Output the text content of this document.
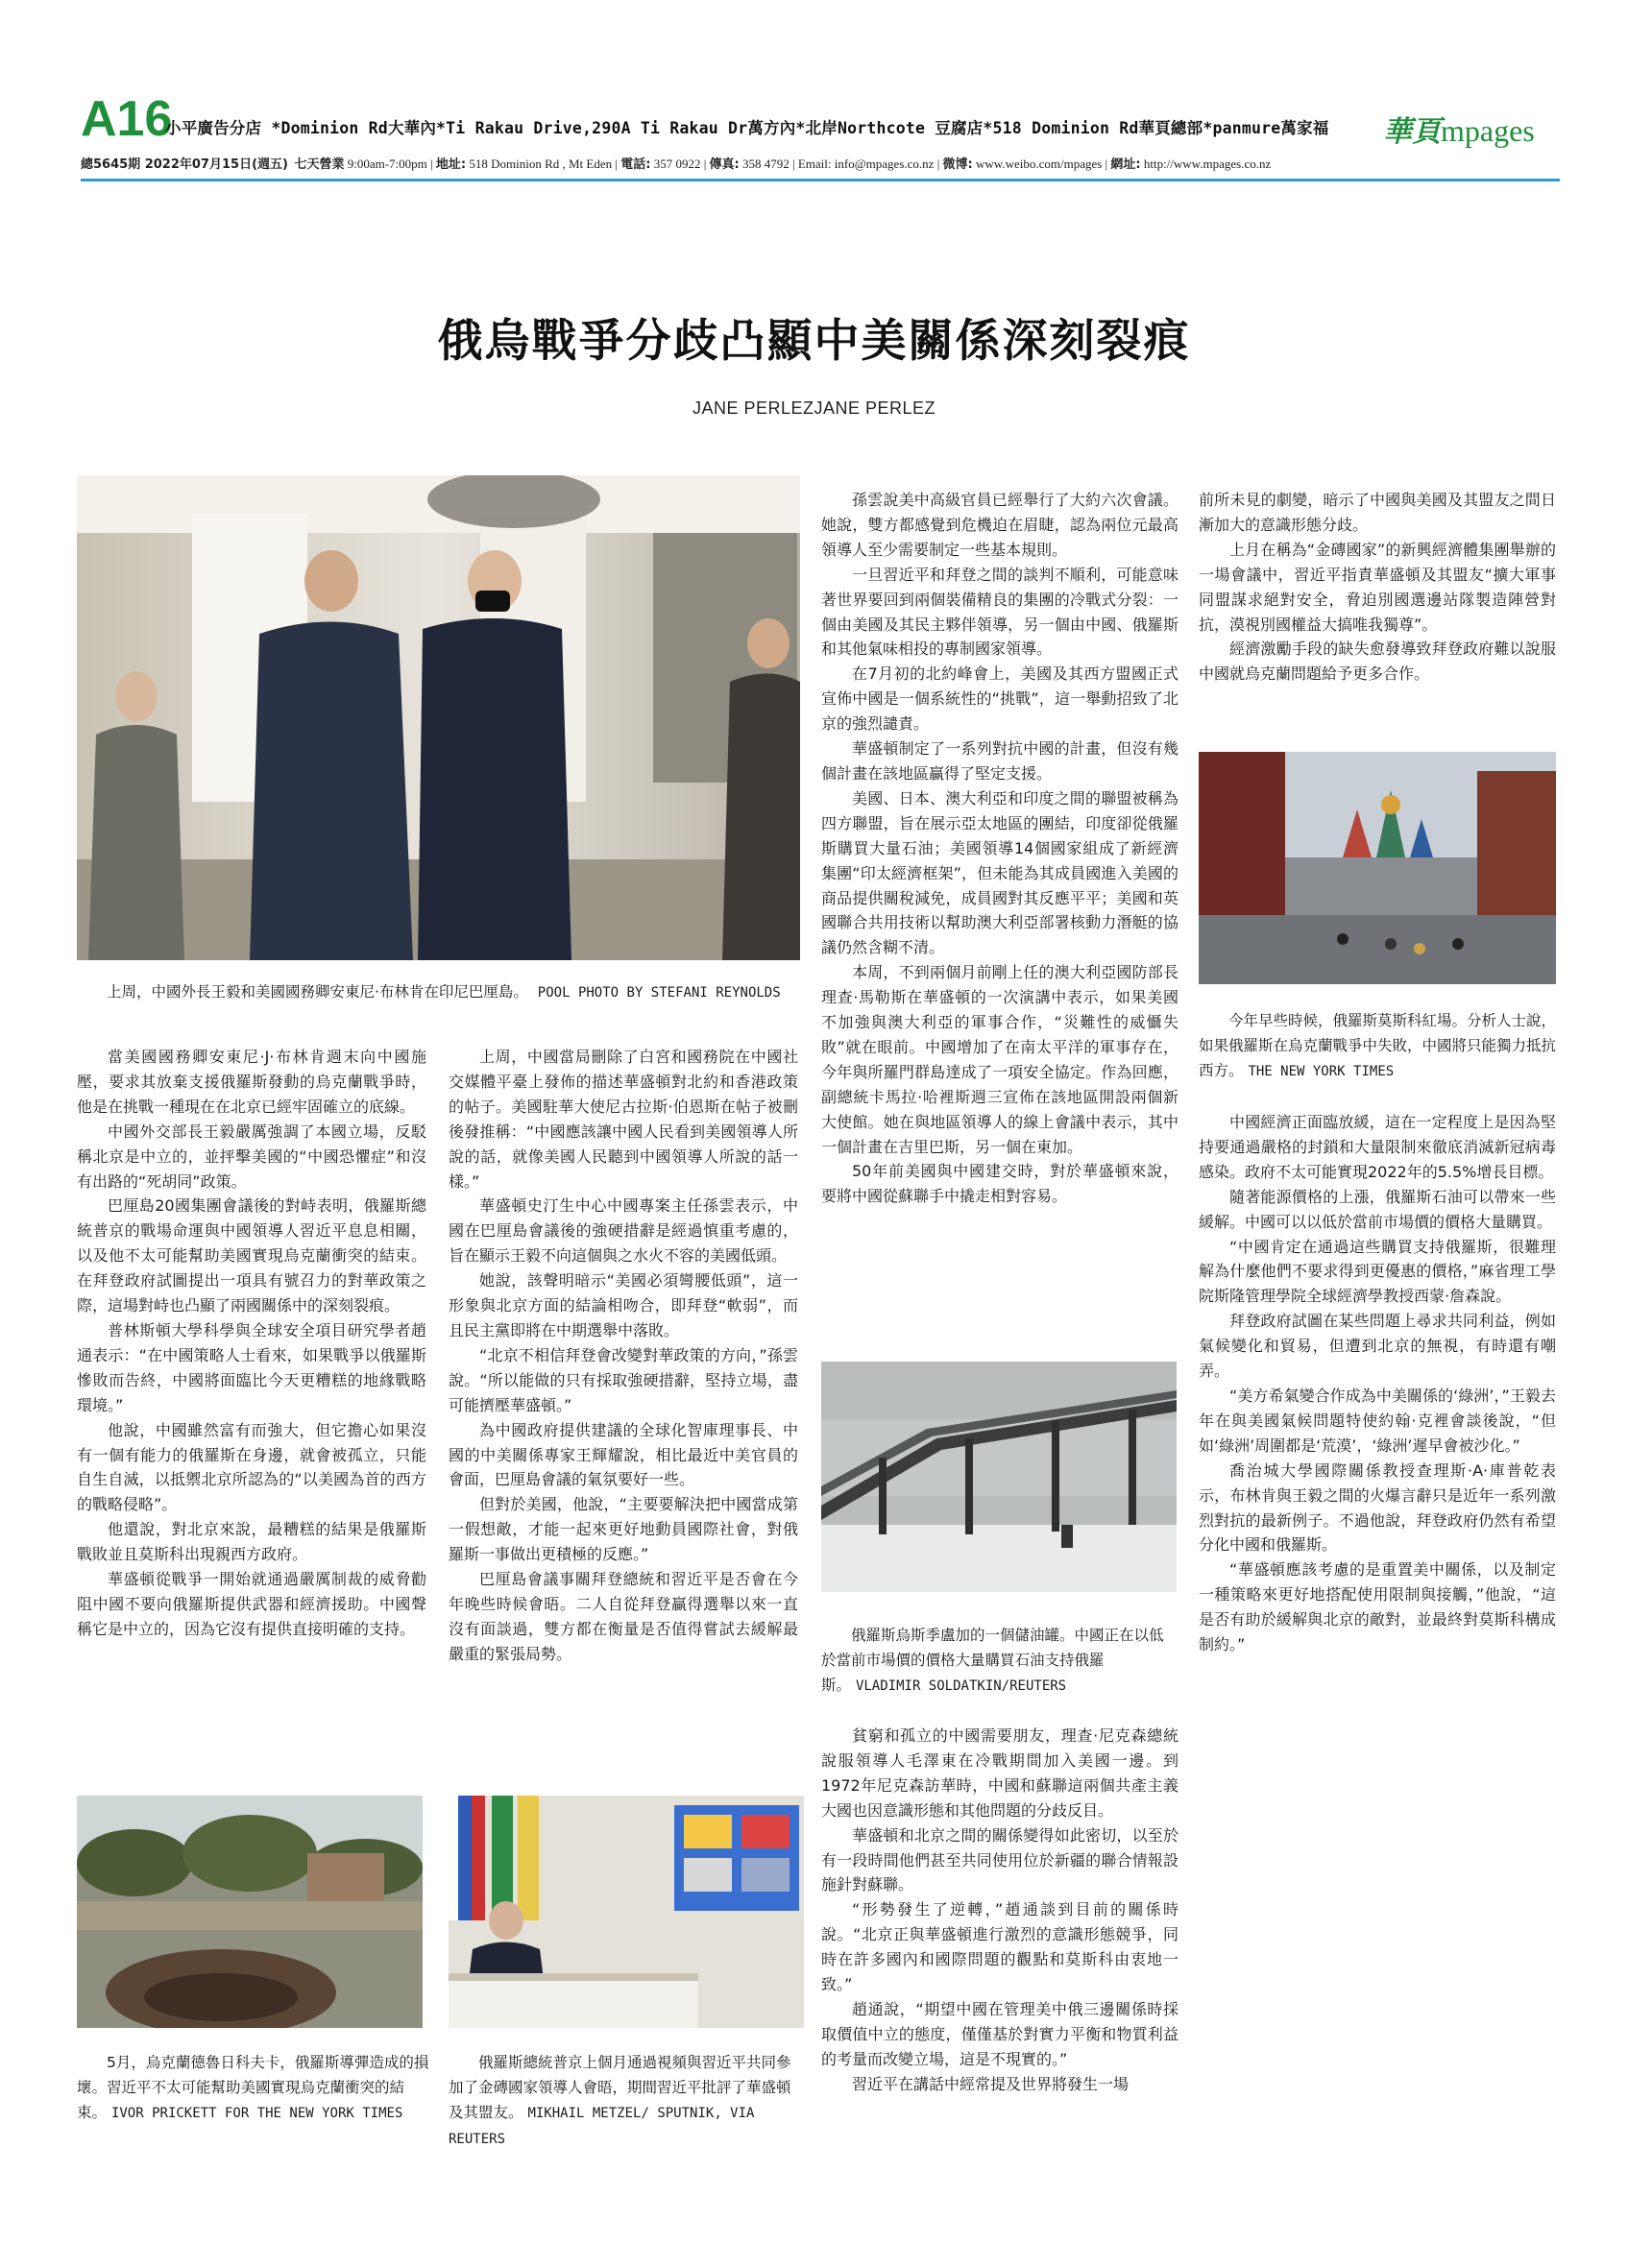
A16
小平廣告分店 *Dominion Rd大華內*Ti Rakau Drive,290A Ti Rakau Dr萬方內*北岸Northcote 豆腐店*518 Dominion Rd華頁總部*panmure萬家福
總5645期 2022年07月15日(週五) 七天營業 9:00am-7:00pm | 地址: 518 Dominion Rd , Mt Eden | 電話: 357 0922 | 傳真: 358 4792 | Email: info@mpages.co.nz | 微博: www.weibo.com/mpages | 網址: http://www.mpages.co.nz
華頁mpages
俄烏戰爭分歧凸顯中美關係深刻裂痕
JANE PERLEZJANE PERLEZ

上周，中國外長王毅和美國國務卿安東尼·布林肯在印尼巴厘島。 POOL PHOTO BY STEFANI REYNOLDS

當美國國務卿安東尼·J·布林肯週末向中國施壓，要求其放棄支援俄羅斯發動的烏克蘭戰爭時，他是在挑戰一種現在在北京已經牢固確立的底線。

中國外交部長王毅嚴厲強調了本國立場，反駁稱北京是中立的，並抨擊美國的“中國恐懼症”和沒有出路的“死胡同”政策。

巴厘島20國集團會議後的對峙表明，俄羅斯總統普京的戰場命運與中國領導人習近平息息相關，以及他不太可能幫助美國實現烏克蘭衝突的結束。在拜登政府試圖提出一項具有號召力的對華政策之際，這場對峙也凸顯了兩國關係中的深刻裂痕。

普林斯頓大學科學與全球安全項目研究學者趙通表示：“在中國策略人士看來，如果戰爭以俄羅斯慘敗而告終，中國將面臨比今天更糟糕的地緣戰略環境。”

他說，中國雖然富有而強大，但它擔心如果沒有一個有能力的俄羅斯在身邊，就會被孤立，只能自生自滅，以抵禦北京所認為的“以美國為首的西方的戰略侵略”。

他還說，對北京來說，最糟糕的結果是俄羅斯戰敗並且莫斯科出現親西方政府。

華盛頓從戰爭一開始就通過嚴厲制裁的威脅勸阻中國不要向俄羅斯提供武器和經濟援助。中國聲稱它是中立的，因為它沒有提供直接明確的支持。

上周，中國當局刪除了白宮和國務院在中國社交媒體平臺上發佈的描述華盛頓對北約和香港政策的帖子。美國駐華大使尼古拉斯·伯恩斯在帖子被刪後發推稱：“中國應該讓中國人民看到美國領導人所說的話，就像美國人民聽到中國領導人所說的話一樣。”

華盛頓史汀生中心中國專案主任孫雲表示，中國在巴厘島會議後的強硬措辭是經過慎重考慮的，旨在顯示王毅不向這個與之水火不容的美國低頭。

她說，該聲明暗示“美國必須彎腰低頭”，這一形象與北京方面的結論相吻合，即拜登“軟弱”，而且民主黨即將在中期選舉中落敗。

“北京不相信拜登會改變對華政策的方向，”孫雲說。“所以能做的只有採取強硬措辭，堅持立場，盡可能擠壓華盛頓。”

為中國政府提供建議的全球化智庫理事長、中國的中美關係專家王輝耀說，相比最近中美官員的會面，巴厘島會議的氣氛要好一些。

但對於美國，他說，“主要要解決把中國當成第一假想敵，才能一起來更好地動員國際社會，對俄羅斯一事做出更積極的反應。”

巴厘島會議事關拜登總統和習近平是否會在今年晚些時候會晤。二人自從拜登贏得選舉以來一直沒有面談過，雙方都在衡量是否值得嘗試去緩解最嚴重的緊張局勢。

5月，烏克蘭德魯日科夫卡，俄羅斯導彈造成的損壞。習近平不太可能幫助美國實現烏克蘭衝突的結束。 IVOR PRICKETT FOR THE NEW YORK TIMES

俄羅斯總統普京上個月通過視頻與習近平共同參加了金磚國家領導人會晤，期間習近平批評了華盛頓及其盟友。 MIKHAIL METZEL/ SPUTNIK, VIA REUTERS

孫雲說美中高級官員已經舉行了大約六次會議。她說，雙方都感覺到危機迫在眉睫，認為兩位元最高領導人至少需要制定一些基本規則。

一旦習近平和拜登之間的談判不順利，可能意味著世界要回到兩個裝備精良的集團的冷戰式分裂：一個由美國及其民主夥伴領導，另一個由中國、俄羅斯和其他氣味相投的專制國家領導。

在7月初的北約峰會上，美國及其西方盟國正式宣佈中國是一個系統性的“挑戰”，這一舉動招致了北京的強烈譴責。

華盛頓制定了一系列對抗中國的計畫，但沒有幾個計畫在該地區贏得了堅定支援。

美國、日本、澳大利亞和印度之間的聯盟被稱為四方聯盟，旨在展示亞太地區的團結，印度卻從俄羅斯購買大量石油；美國領導14個國家組成了新經濟集團“印太經濟框架”，但未能為其成員國進入美國的商品提供關稅減免，成員國對其反應平平；美國和英國聯合共用技術以幫助澳大利亞部署核動力潛艇的協議仍然含糊不清。

本周，不到兩個月前剛上任的澳大利亞國防部長理查·馬勒斯在華盛頓的一次演講中表示，如果美國不加強與澳大利亞的軍事合作，“災難性的威懾失敗”就在眼前。中國增加了在南太平洋的軍事存在，今年與所羅門群島達成了一項安全協定。作為回應，副總統卡馬拉·哈裡斯週三宣佈在該地區開設兩個新大使館。她在與地區領導人的線上會議中表示，其中一個計畫在吉里巴斯，另一個在東加。

50年前美國與中國建交時，對於華盛頓來說，要將中國從蘇聯手中撬走相對容易。

俄羅斯烏斯季盧加的一個儲油罐。中國正在以低於當前市場價的價格大量購買石油支持俄羅斯。 VLADIMIR SOLDATKIN/REUTERS

貧窮和孤立的中國需要朋友，理查·尼克森總統說服領導人毛澤東在冷戰期間加入美國一邊。到1972年尼克森訪華時，中國和蘇聯這兩個共產主義大國也因意識形態和其他問題的分歧反目。

華盛頓和北京之間的關係變得如此密切，以至於有一段時間他們甚至共同使用位於新疆的聯合情報設施針對蘇聯。

“形勢發生了逆轉，”趙通談到目前的關係時說。“北京正與華盛頓進行激烈的意識形態競爭，同時在許多國內和國際問題的觀點和莫斯科由衷地一致。”

趙通說，“期望中國在管理美中俄三邊關係時採取價值中立的態度，僅僅基於對實力平衡和物質利益的考量而改變立場，這是不現實的。”

習近平在講話中經常提及世界將發生一場

前所未見的劇變，暗示了中國與美國及其盟友之間日漸加大的意識形態分歧。

上月在稱為“金磚國家”的新興經濟體集團舉辦的一場會議中，習近平指責華盛頓及其盟友“擴大軍事同盟謀求絕對安全，脅迫別國選邊站隊製造陣營對抗，漠視別國權益大搞唯我獨尊”。

經濟激勵手段的缺失愈發導致拜登政府難以說服中國就烏克蘭問題給予更多合作。

今年早些時候，俄羅斯莫斯科紅場。分析人士說，如果俄羅斯在烏克蘭戰爭中失敗，中國將只能獨力抵抗西方。 THE NEW YORK TIMES

中國經濟正面臨放緩，這在一定程度上是因為堅持要通過嚴格的封鎖和大量限制來徹底消滅新冠病毒感染。政府不太可能實現2022年的5.5%增長目標。

隨著能源價格的上漲，俄羅斯石油可以帶來一些緩解。中國可以以低於當前市場價的價格大量購買。

“中國肯定在通過這些購買支持俄羅斯，很難理解為什麼他們不要求得到更優惠的價格，”麻省理工學院斯隆管理學院全球經濟學教授西蒙·詹森說。

拜登政府試圖在某些問題上尋求共同利益，例如氣候變化和貿易，但遭到北京的無視，有時還有嘲弄。

“美方希氣變合作成為中美關係的‘綠洲’，”王毅去年在與美國氣候問題特使約翰·克裡會談後說，“但如‘綠洲’周圍都是‘荒漠’，‘綠洲’遲早會被沙化。”

喬治城大學國際關係教授查理斯·A·庫普乾表示，布林肯與王毅之間的火爆言辭只是近年一系列激烈對抗的最新例子。不過他說，拜登政府仍然有希望分化中國和俄羅斯。

“華盛頓應該考慮的是重置美中關係，以及制定一種策略來更好地搭配使用限制與接觸，”他說，“這是否有助於緩解與北京的敵對，並最終對莫斯科構成制約。”
